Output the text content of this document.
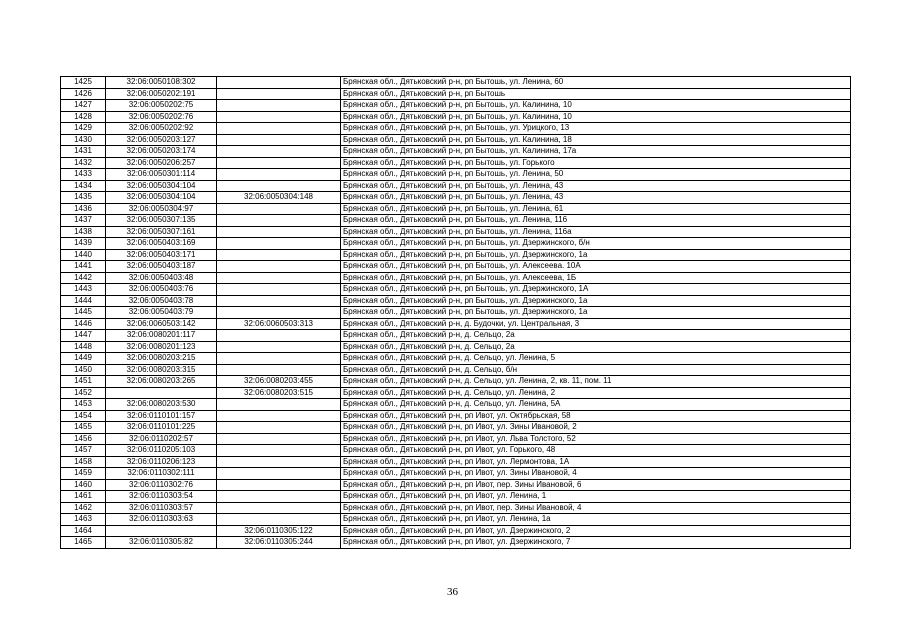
1425	32:06:0050108:302		Брянская обл., Дятьковский р-н, рп Бытошь, ул. Ленина, 60
1426	32:06:0050202:191		Брянская обл., Дятьковский р-н, рп Бытошь
1427	32:06:0050202:75		Брянская обл., Дятьковский р-н, рп Бытошь, ул. Калинина, 10
1428	32:06:0050202:76		Брянская обл., Дятьковский р-н, рп Бытошь, ул. Калинина, 10
1429	32:06:0050202:92		Брянская обл., Дятьковский р-н, рп Бытошь, ул. Урицкого, 13
1430	32:06:0050203:127		Брянская обл., Дятьковский р-н, рп Бытошь, ул. Калинина, 18
1431	32:06:0050203:174		Брянская обл., Дятьковский р-н, рп Бытошь, ул. Калинина, 17а
1432	32:06:0050206:257		Брянская обл., Дятьковский р-н, рп Бытошь, ул. Горького
1433	32:06:0050301:114		Брянская обл., Дятьковский р-н, рп Бытошь, ул. Ленина, 50
1434	32:06:0050304:104		Брянская обл., Дятьковский р-н, рп Бытошь, ул. Ленина, 43
1435	32:06:0050304:104	32:06:0050304:148	Брянская обл., Дятьковский р-н, рп Бытошь, ул. Ленина, 43
1436	32:06:0050304:97		Брянская обл., Дятьковский р-н, рп Бытошь, ул. Ленина, 61
1437	32:06:0050307:135		Брянская обл., Дятьковский р-н, рп Бытошь, ул. Ленина, 116
1438	32:06:0050307:161		Брянская обл., Дятьковский р-н, рп Бытошь, ул. Ленина, 116а
1439	32:06:0050403:169		Брянская обл., Дятьковский р-н, рп Бытошь, ул. Дзержинского, б/н
1440	32:06:0050403:171		Брянская обл., Дятьковский р-н, рп Бытошь, ул. Дзержинского, 1а
1441	32:06:0050403:187		Брянская обл., Дятьковский р-н, рп Бытошь, ул. Алексеева. 10А
1442	32:06:0050403:48		Брянская обл., Дятьковский р-н, рп Бытошь, ул. Алексеева, 1Б
1443	32:06:0050403:76		Брянская обл., Дятьковский р-н, рп Бытошь, ул. Дзержинского, 1А
1444	32:06:0050403:78		Брянская обл., Дятьковский р-н, рп Бытошь, ул. Дзержинского, 1а
1445	32:06:0050403:79		Брянская обл., Дятьковский р-н, рп Бытошь, ул. Дзержинского, 1а
1446	32:06:0060503:142	32:06:0060503:313	Брянская обл., Дятьковский р-н, д. Будочки, ул. Центральная, 3
1447	32:06:0080201:117		Брянская обл., Дятьковский р-н, д. Сельцо, 2а
1448	32:06:0080201:123		Брянская обл., Дятьковский р-н, д. Сельцо, 2а
1449	32:06:0080203:215		Брянская обл., Дятьковский р-н, д. Сельцо, ул. Ленина, 5
1450	32:06:0080203:315		Брянская обл., Дятьковский р-н, д. Сельцо, б/н
1451	32:06:0080203:265	32:06:0080203:455	Брянская обл., Дятьковский р-н, д. Сельцо, ул. Ленина, 2, кв. 11, пом. 11
1452		32:06:0080203:515	Брянская обл., Дятьковский р-н, д. Сельцо, ул. Ленина, 2
1453	32:06:0080203:530		Брянская обл., Дятьковский р-н, д. Сельцо, ул. Ленина, 5А
1454	32:06:0110101:157		Брянская обл., Дятьковский р-н, рп Ивот, ул. Октябрьская, 58
1455	32:06:0110101:225		Брянская обл., Дятьковский р-н, рп Ивот, ул. Зины Ивановой, 2
1456	32:06:0110202:57		Брянская обл., Дятьковский р-н, рп Ивот, ул. Льва Толстого, 52
1457	32:06:0110205:103		Брянская обл., Дятьковский р-н, рп Ивот, ул. Горького, 48
1458	32:06:0110206:123		Брянская обл., Дятьковский р-н, рп Ивот, ул. Лермонтова, 1А
1459	32:06:0110302:111		Брянская обл., Дятьковский р-н, рп Ивот, ул. Зины Ивановой, 4
1460	32:06:0110302:76		Брянская обл., Дятьковский р-н, рп Ивот, пер. Зины Ивановой, 6
1461	32:06:0110303:54		Брянская обл., Дятьковский р-н, рп Ивот, ул. Ленина, 1
1462	32:06:0110303:57		Брянская обл., Дятьковский р-н, рп Ивот, пер. Зины Ивановой, 4
1463	32:06:0110303:63		Брянская обл., Дятьковский р-н, рп Ивот, ул. Ленина, 1а
1464		32:06:0110305:122	Брянская обл., Дятьковский р-н, рп Ивот, ул. Дзержинского, 2
1465	32:06:0110305:82	32:06:0110305:244	Брянская обл., Дятьковский р-н, рп Ивот, ул. Дзержинского, 7
36
